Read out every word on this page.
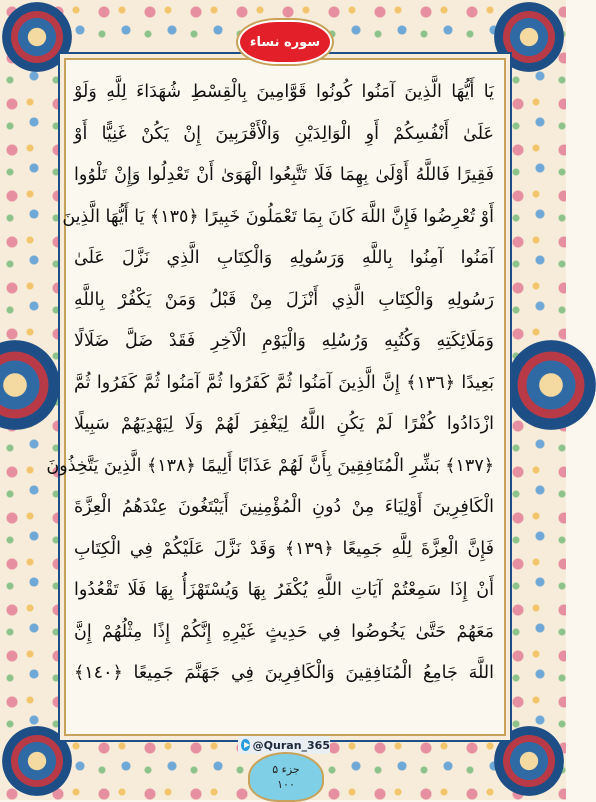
سوره نساء
يَا أَيُّهَا الَّذِينَ آمَنُوا كُونُوا قَوَّامِينَ بِالْقِسْطِ شُهَدَاءَ لِلَّهِ وَلَوْ
عَلَىٰ أَنْفُسِكُمْ أَوِ الْوَالِدَيْنِ وَالْأَقْرَبِينَ إِنْ يَكُنْ غَنِيًّا أَوْ
فَقِيرًا فَاللَّهُ أَوْلَىٰ بِهِمَا فَلَا تَتَّبِعُوا الْهَوَىٰ أَنْ تَعْدِلُوا وَإِنْ تَلْوُوا
أَوْ تُعْرِضُوا فَإِنَّ اللَّهَ كَانَ بِمَا تَعْمَلُونَ خَبِيرًا ﴿١٣٥﴾ يَا أَيُّهَا الَّذِينَ
آمَنُوا آمِنُوا بِاللَّهِ وَرَسُولِهِ وَالْكِتَابِ الَّذِي نَزَّلَ عَلَىٰ
رَسُولِهِ وَالْكِتَابِ الَّذِي أَنْزَلَ مِنْ قَبْلُ وَمَنْ يَكْفُرْ بِاللَّهِ
وَمَلَائِكَتِهِ وَكُتُبِهِ وَرُسُلِهِ وَالْيَوْمِ الْآخِرِ فَقَدْ ضَلَّ ضَلَالًا
بَعِيدًا ﴿١٣٦﴾ إِنَّ الَّذِينَ آمَنُوا ثُمَّ كَفَرُوا ثُمَّ آمَنُوا ثُمَّ كَفَرُوا ثُمَّ
ازْدَادُوا كُفْرًا لَمْ يَكُنِ اللَّهُ لِيَغْفِرَ لَهُمْ وَلَا لِيَهْدِيَهُمْ سَبِيلًا
﴿١٣٧﴾ بَشِّرِ الْمُنَافِقِينَ بِأَنَّ لَهُمْ عَذَابًا أَلِيمًا ﴿١٣٨﴾ الَّذِينَ يَتَّخِذُونَ
الْكَافِرِينَ أَوْلِيَاءَ مِنْ دُونِ الْمُؤْمِنِينَ أَيَبْتَغُونَ عِنْدَهُمُ الْعِزَّةَ
فَإِنَّ الْعِزَّةَ لِلَّهِ جَمِيعًا ﴿١٣٩﴾ وَقَدْ نَزَّلَ عَلَيْكُمْ فِي الْكِتَابِ
أَنْ إِذَا سَمِعْتُمْ آيَاتِ اللَّهِ يُكْفَرُ بِهَا وَيُسْتَهْزَأُ بِهَا فَلَا تَقْعُدُوا
مَعَهُمْ حَتَّىٰ يَخُوضُوا فِي حَدِيثٍ غَيْرِهِ إِنَّكُمْ إِذًا مِثْلُهُمْ إِنَّ
اللَّهَ جَامِعُ الْمُنَافِقِينَ وَالْكَافِرِينَ فِي جَهَنَّمَ جَمِيعًا ﴿١٤٠﴾
@Quran_365
جزء ۵
۱۰۰
